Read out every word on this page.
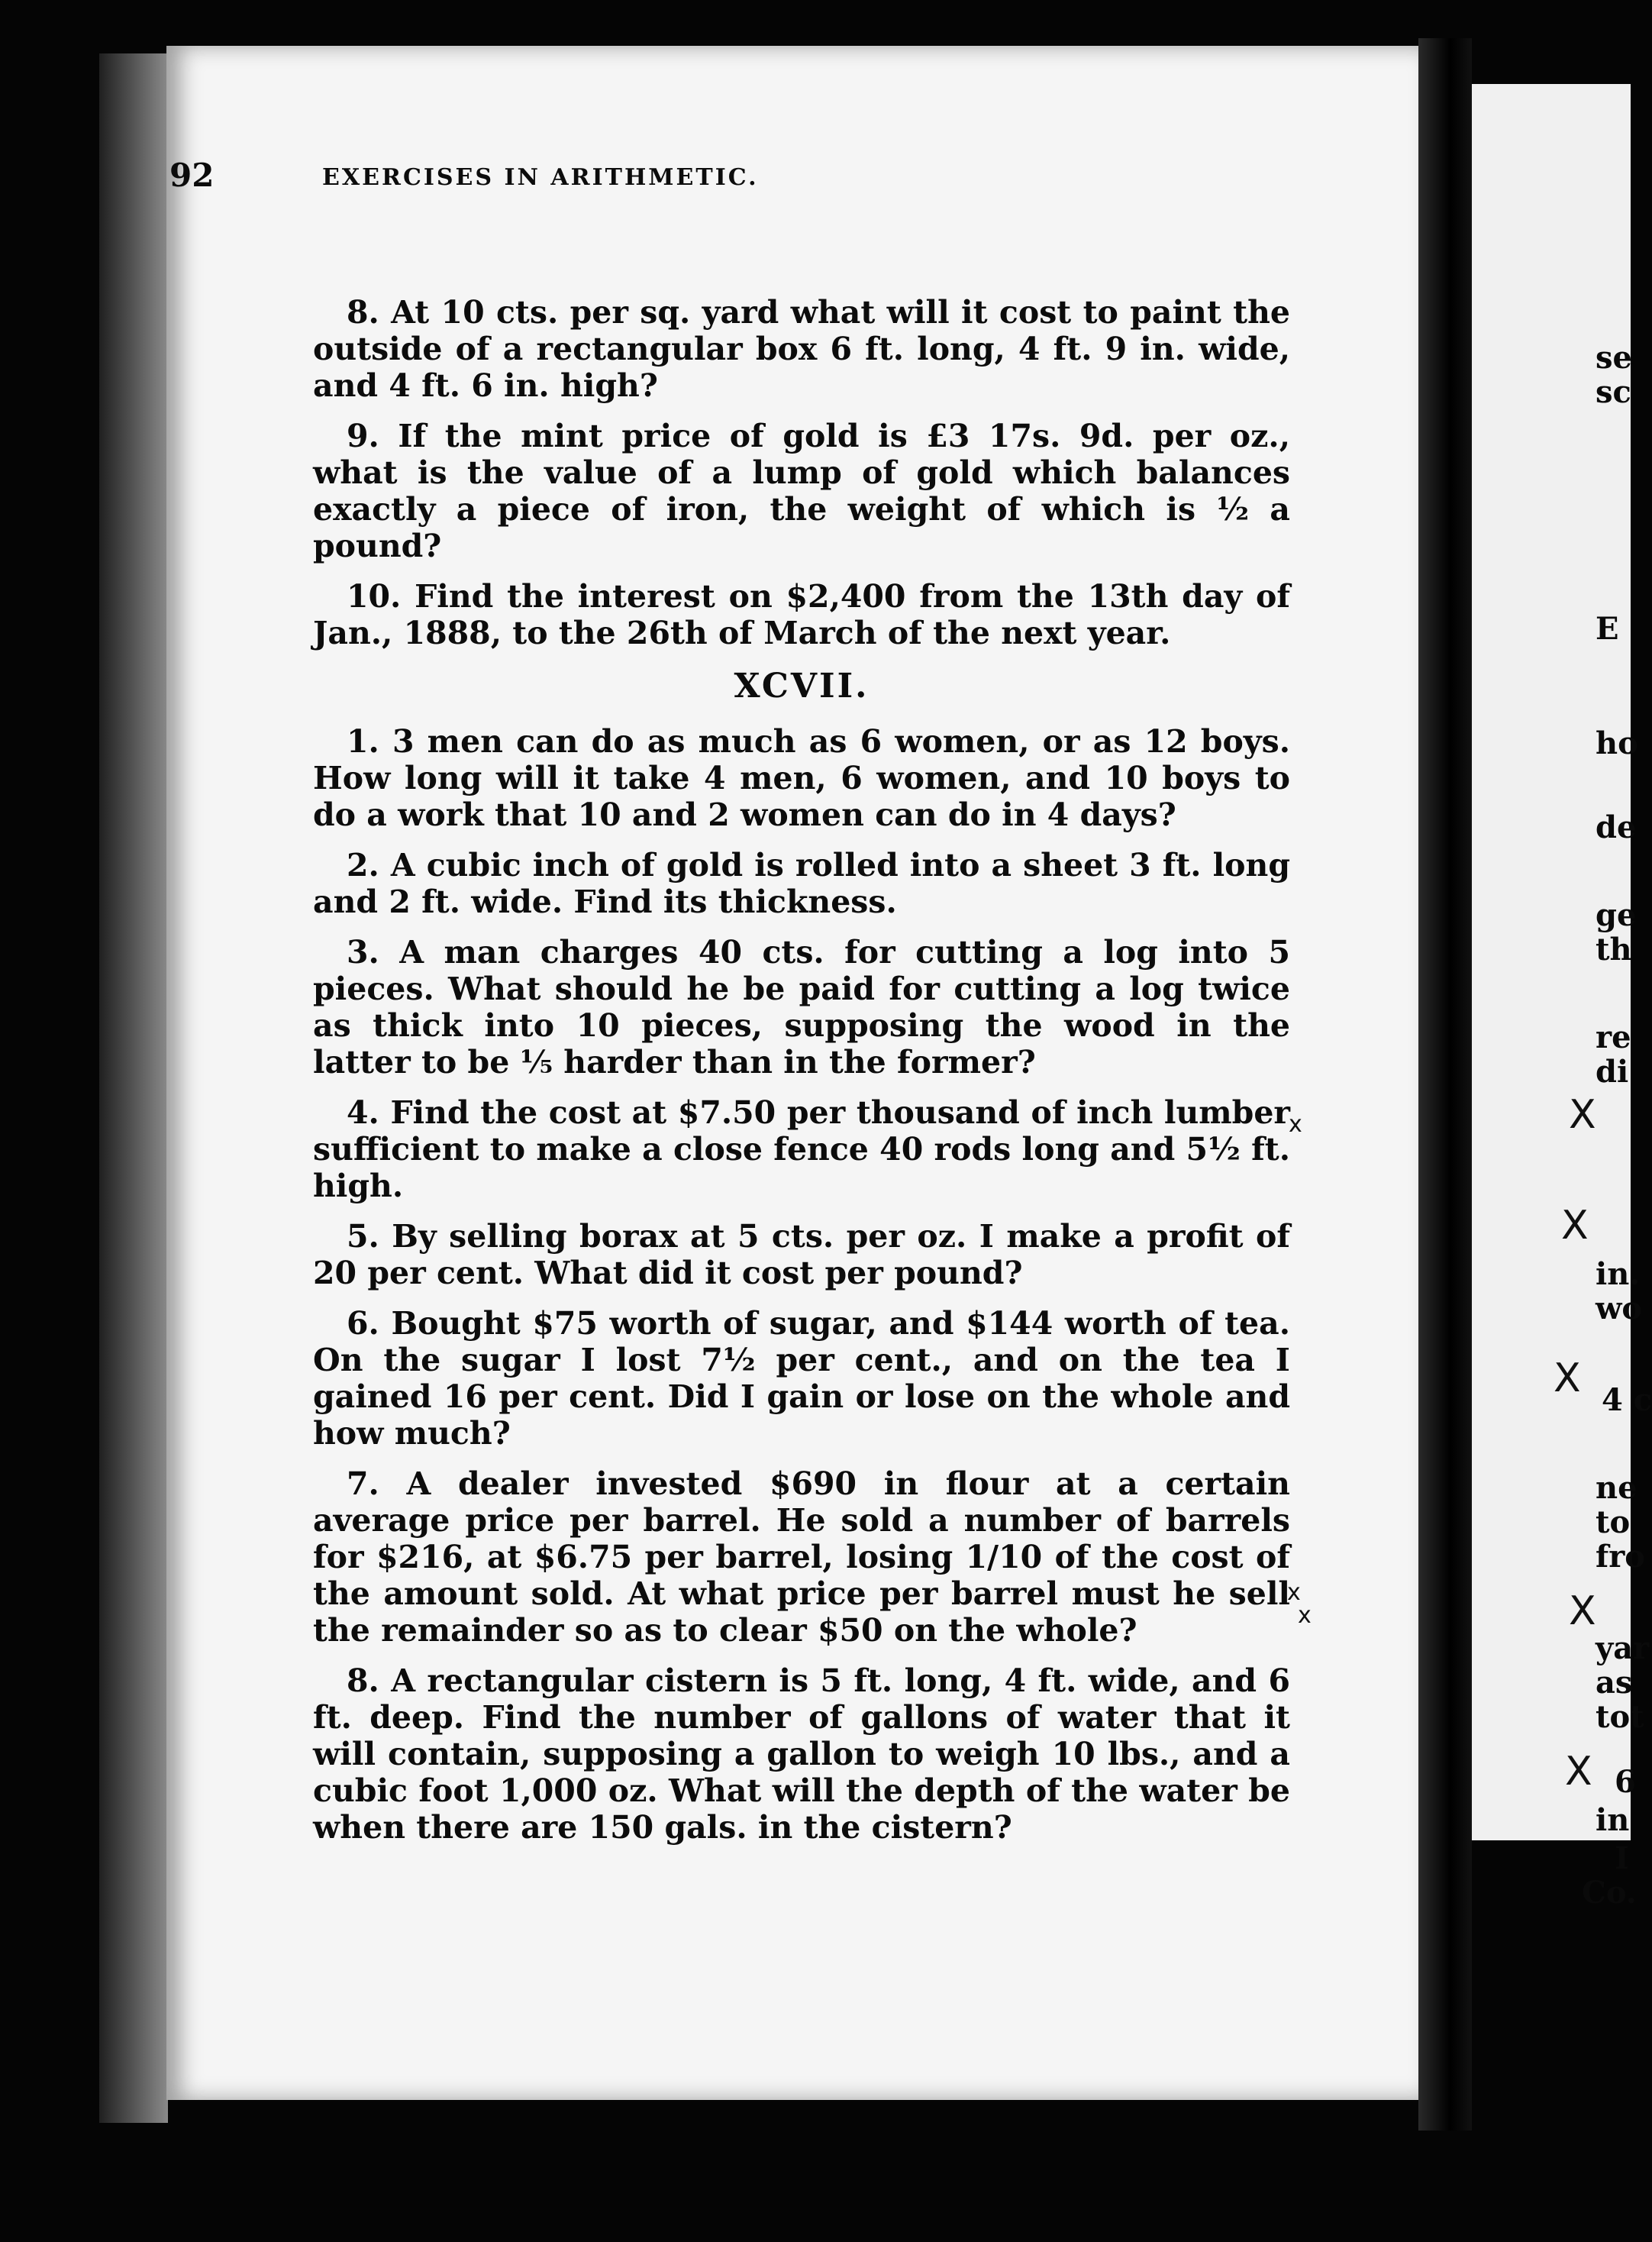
92	EXERCISES IN ARITHMETIC.

8. At 10 cts. per sq. yard what will it cost to paint the outside of a rectangular box 6 ft. long, 4 ft. 9 in. wide, and 4 ft. 6 in. high?

9. If the mint price of gold is £3 17s. 9d. per oz., what is the value of a lump of gold which balances exactly a piece of iron, the weight of which is ½ a pound?

10. Find the interest on $2,400 from the 13th day of Jan., 1888, to the 26th of March of the next year.

XCVII.

1. 3 men can do as much as 6 women, or as 12 boys. How long will it take 4 men, 6 women, and 10 boys to do a work that 10 and 2 women can do in 4 days?

2. A cubic inch of gold is rolled into a sheet 3 ft. long and 2 ft. wide. Find its thickness.

3. A man charges 40 cts. for cutting a log into 5 pieces. What should he be paid for cutting a log twice as thick into 10 pieces, supposing the wood in the latter to be ⅕ harder than in the former?

4. Find the cost at $7.50 per thousand of inch lumber sufficient to make a close fence 40 rods long and 5½ ft. high.

5. By selling borax at 5 cts. per oz. I make a profit of 20 per cent. What did it cost per pound?

6. Bought $75 worth of sugar, and $144 worth of tea. On the sugar I lost 7½ per cent., and on the tea I gained 16 per cent. Did I gain or lose on the whole and how much?

7. A dealer invested $690 in flour at a certain average price per barrel. He sold a number of barrels for $216, at $6.75 per barrel, losing 1/10 of the cost of the amount sold. At what price per barrel must he sell the remainder so as to clear $50 on the whole?

8. A rectangular cistern is 5 ft. long, 4 ft. wide, and 6 ft. deep. Find the number of gallons of water that it will contain, supposing a gallon to weigh 10 lbs., and a cubic foot 1,000 oz. What will the depth of the water be when there are 150 gals. in the cistern?

x
x
x
se
sc
E
ho
de
ge
th
re
di
in.
wo
4 c
ne
to
fro
yar
as
tot
6
in
I
Co.
X
X
X
X
X
